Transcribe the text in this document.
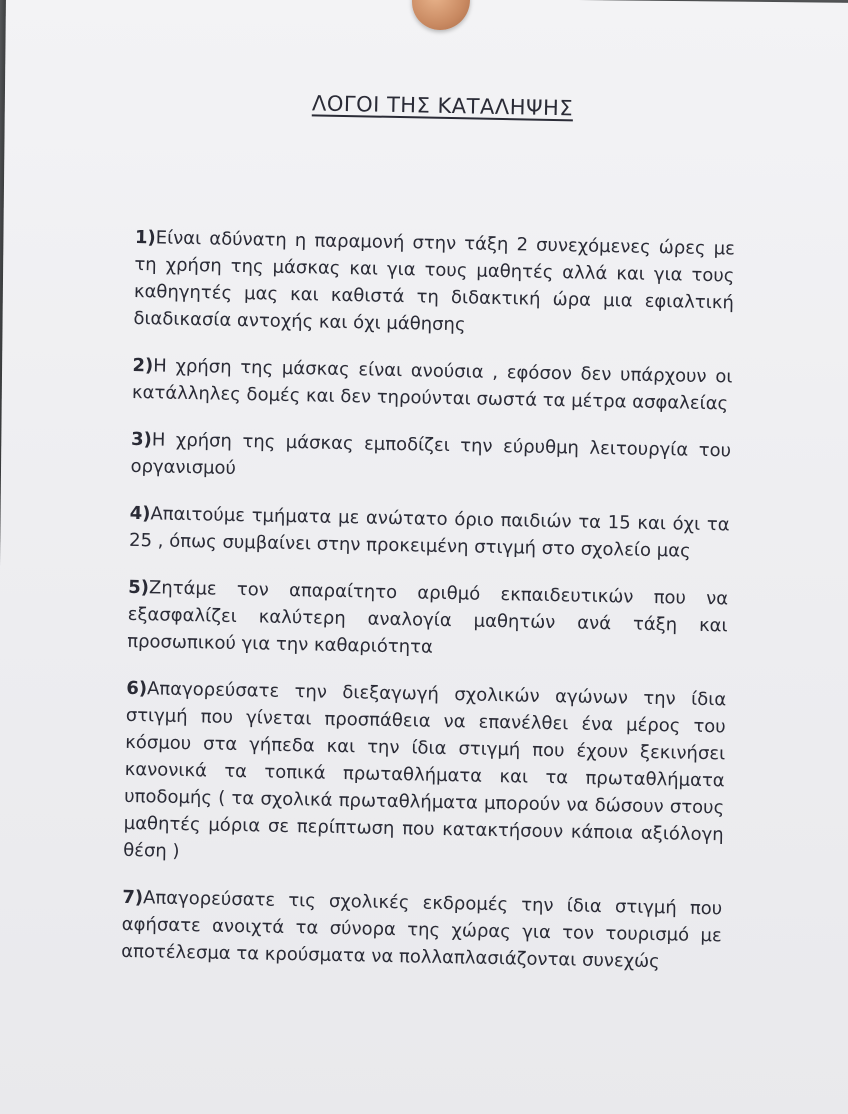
ΛΟΓΟΙ ΤΗΣ ΚΑΤΑΛΗΨΗΣ
1)Είναι αδύνατη η παραμονή στην τάξη 2 συνεχόμενες ώρες με τη χρήση της μάσκας και για τους μαθητές αλλά και για τους καθηγητές μας και καθιστά τη διδακτική ώρα μια εφιαλτική διαδικασία αντοχής και όχι μάθησης
2)Η χρήση της μάσκας είναι ανούσια , εφόσον δεν υπάρχουν οι κατάλληλες δομές και δεν τηρούνται σωστά τα μέτρα ασφαλείας
3)Η χρήση της μάσκας εμποδίζει την εύρυθμη λειτουργία του οργανισμού
4)Απαιτούμε τμήματα με ανώτατο όριο παιδιών τα 15 και όχι τα 25 , όπως συμβαίνει στην προκειμένη στιγμή στο σχολείο μας
5)Ζητάμε τον απαραίτητο αριθμό εκπαιδευτικών που να εξασφαλίζει καλύτερη αναλογία μαθητών ανά τάξη και προσωπικού για την καθαριότητα
6)Απαγορεύσατε την διεξαγωγή σχολικών αγώνων την ίδια στιγμή που γίνεται προσπάθεια να επανέλθει ένα μέρος του κόσμου στα γήπεδα και την ίδια στιγμή που έχουν ξεκινήσει κανονικά τα τοπικά πρωταθλήματα και τα πρωταθλήματα υποδομής ( τα σχολικά πρωταθλήματα μπορούν να δώσουν στους μαθητές μόρια σε περίπτωση που κατακτήσουν κάποια αξιόλογη θέση )
7)Απαγορεύσατε τις σχολικές εκδρομές την ίδια στιγμή που αφήσατε ανοιχτά τα σύνορα της χώρας για τον τουρισμό με αποτέλεσμα τα κρούσματα να πολλαπλασιάζονται συνεχώς
